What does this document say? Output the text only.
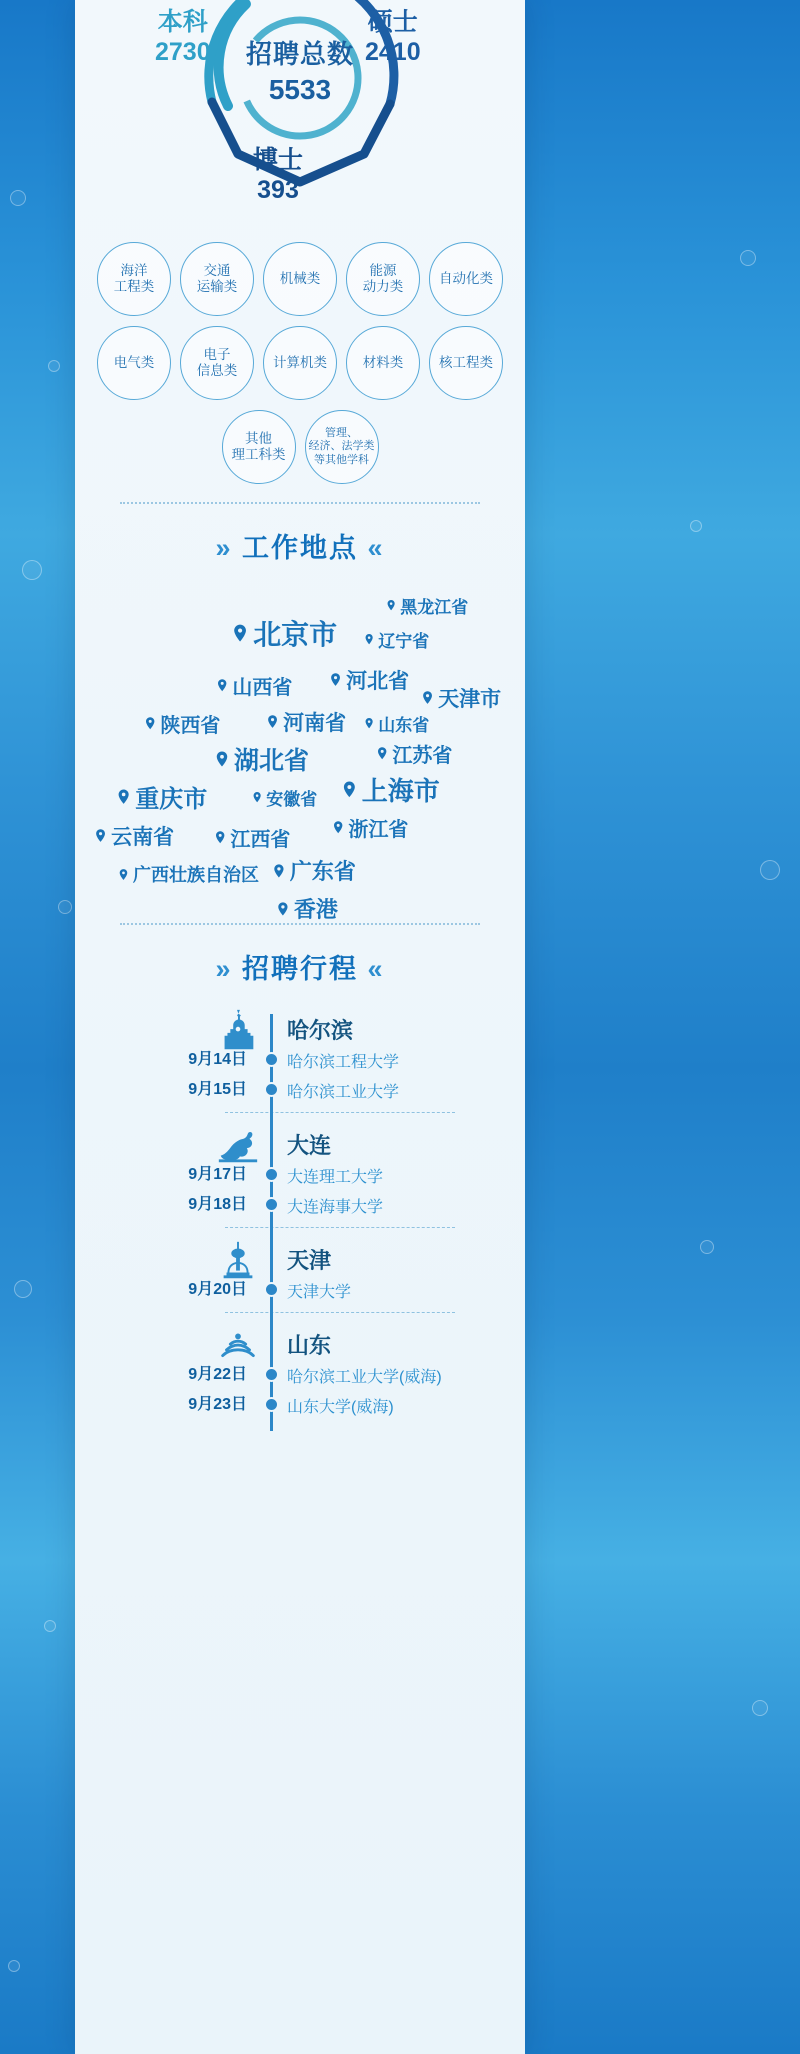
本科
2730
硕士
2410
博士
393
招聘总数
5533
海洋
工程类
交通
运输类
机械类
能源
动力类
自动化类
电气类
电子
信息类
计算机类	材料类	核工程类
其他
理工科类
管理、
经济、法学类
等其他学科
» 工作地点 «
黑龙江省
辽宁省
北京市
山西省	河北省
天津市
陕西省	河南省 山东省
江苏省
湖北省
重庆市	安徽省 上海市
云南省	江西省	浙江省
广西壮族自治区 广东省
香港
» 招聘行程 «
哈尔滨
9月14日	哈尔滨工程大学
9月15日	哈尔滨工业大学
大连
9月17日	大连理工大学
9月18日	大连海事大学
天津
9月20日	天津大学
山东
9月22日	哈尔滨工业大学(威海)
9月23日	山东大学(威海)
